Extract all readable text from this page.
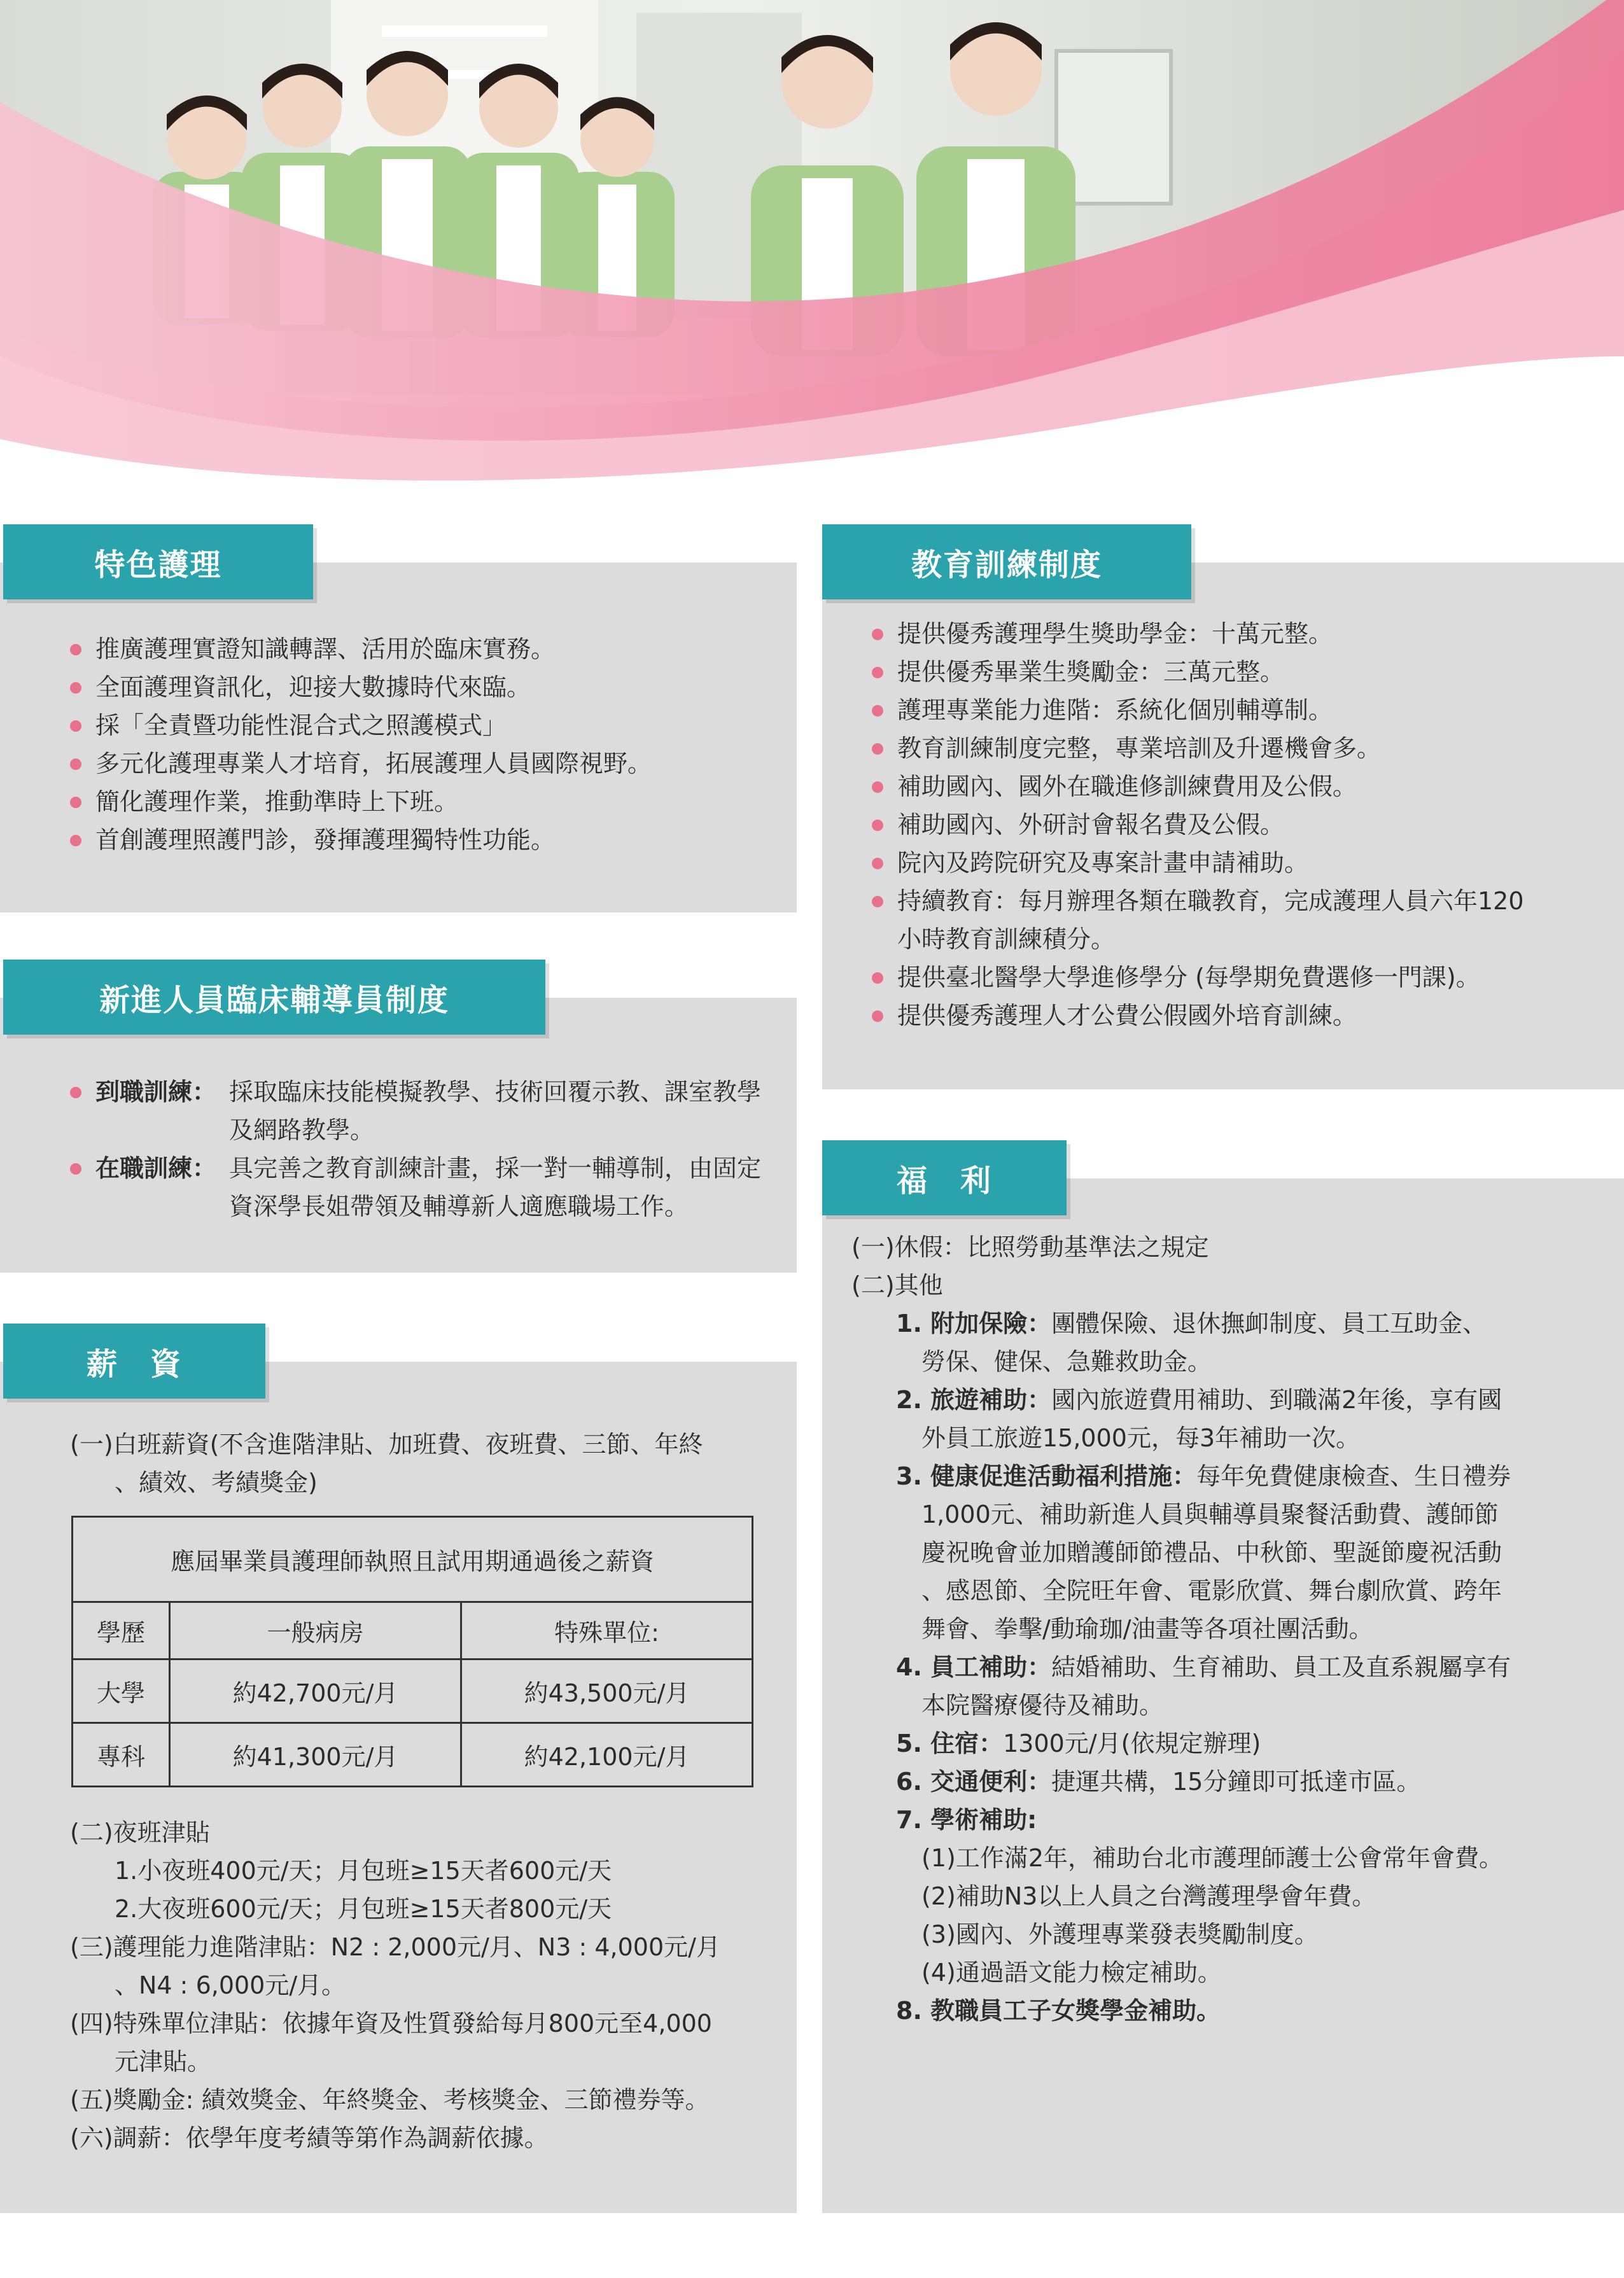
特色護理
推廣護理實證知識轉譯、活用於臨床實務。
全面護理資訊化，迎接大數據時代來臨。
採「全責暨功能性混合式之照護模式」
多元化護理專業人才培育，拓展護理人員國際視野。
簡化護理作業，推動準時上下班。
首創護理照護門診，發揮護理獨特性功能。
新進人員臨床輔導員制度
到職訓練： 採取臨床技能模擬教學、技術回覆示教、課室教學及網路教學。
在職訓練： 具完善之教育訓練計畫，採一對一輔導制，由固定資深學長姐帶領及輔導新人適應職場工作。
薪　資

(一)白班薪資(不含進階津貼、加班費、夜班費、三節、年終

、績效、考績獎金)

應屆畢業員護理師執照且試用期通過後之薪資		
學歷	一般病房	特殊單位:
大學	約42,700元/月	約43,500元/月
專科	約41,300元/月	約42,100元/月

(二)夜班津貼

1.小夜班400元/天；月包班≥15天者600元/天

2.大夜班600元/天；月包班≥15天者800元/天

(三)護理能力進階津貼：N2 : 2,000元/月、N3 : 4,000元/月

、N4 : 6,000元/月。

(四)特殊單位津貼：依據年資及性質發給每月800元至4,000

元津貼。

(五)獎勵金: 績效獎金、年終獎金、考核獎金、三節禮券等。

(六)調薪：依學年度考績等第作為調薪依據。

教育訓練制度
提供優秀護理學生獎助學金：十萬元整。
提供優秀畢業生獎勵金：三萬元整。
護理專業能力進階：系統化個別輔導制。
教育訓練制度完整，專業培訓及升遷機會多。
補助國內、國外在職進修訓練費用及公假。
補助國內、外研討會報名費及公假。
院內及跨院研究及專案計畫申請補助。
持續教育：每月辦理各類在職教育，完成護理人員六年120小時教育訓練積分。
提供臺北醫學大學進修學分 (每學期免費選修一門課)。
提供優秀護理人才公費公假國外培育訓練。
福　利

(一)休假：比照勞動基準法之規定

(二)其他

1. 附加保險：團體保險、退休撫卹制度、員工互助金、

勞保、健保、急難救助金。

2. 旅遊補助：國內旅遊費用補助、到職滿2年後，享有國

外員工旅遊15,000元，每3年補助一次。

3. 健康促進活動福利措施：每年免費健康檢查、生日禮券

1,000元、補助新進人員與輔導員聚餐活動費、護師節

慶祝晚會並加贈護師節禮品、中秋節、聖誕節慶祝活動

、感恩節、全院旺年會、電影欣賞、舞台劇欣賞、跨年

舞會、拳擊/動瑜珈/油畫等各項社團活動。

4. 員工補助：結婚補助、生育補助、員工及直系親屬享有

本院醫療優待及補助。

5. 住宿：1300元/月(依規定辦理)

6. 交通便利：捷運共構，15分鐘即可抵達市區。

7. 學術補助:

(1)工作滿2年，補助台北市護理師護士公會常年會費。

(2)補助N3以上人員之台灣護理學會年費。

(3)國內、外護理專業發表獎勵制度。

(4)通過語文能力檢定補助。

8. 教職員工子女獎學金補助。
